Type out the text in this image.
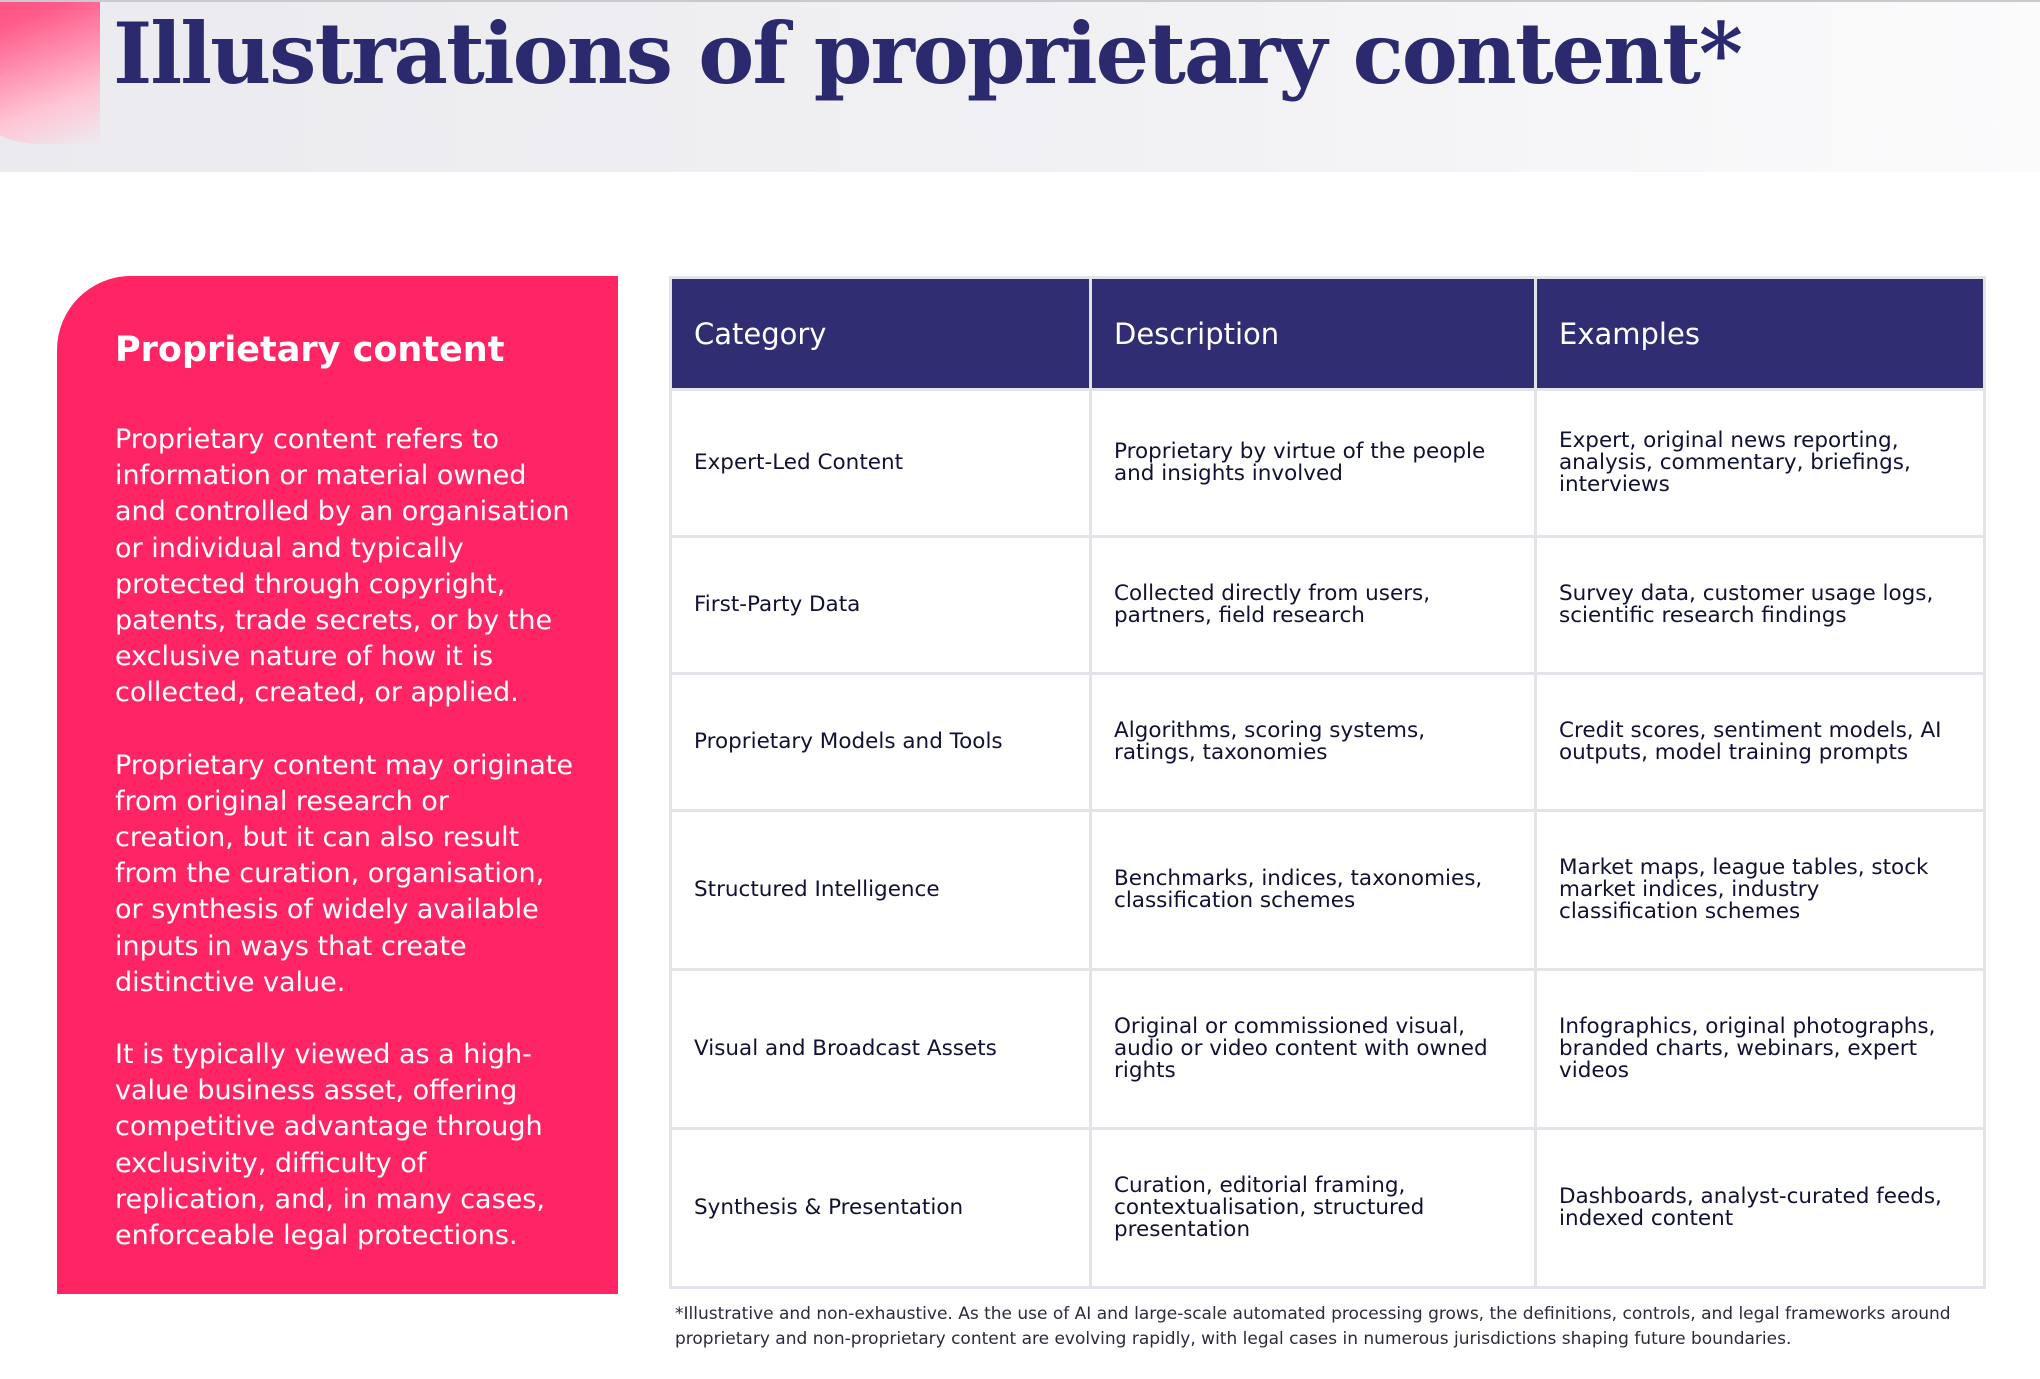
Illustrations of proprietary content*
Proprietary content

Proprietary content refers to information or material owned and controlled by an organisation or individual and typically protected through copyright, patents, trade secrets, or by the exclusive nature of how it is collected, created, or applied.

Proprietary content may originate from original research or creation, but it can also result from the curation, organisation, or synthesis of widely available inputs in ways that create distinctive value.

It is typically viewed as a high-value business asset, offering competitive advantage through exclusivity, difficulty of replication, and, in many cases, enforceable legal protections.

Category	Description	Examples
Expert-Led Content	Proprietary by virtue of the people and insights involved	Expert, original news reporting, analysis, commentary, briefings, interviews
First-Party Data	Collected directly from users, partners, field research	Survey data, customer usage logs, scientific research findings
Proprietary Models and Tools	Algorithms, scoring systems, ratings, taxonomies	Credit scores, sentiment models, AI outputs, model training prompts
Structured Intelligence	Benchmarks, indices, taxonomies, classification schemes	Market maps, league tables, stock market indices, industry classification schemes
Visual and Broadcast Assets	Original or commissioned visual, audio or video content with owned rights	Infographics, original photographs, branded charts, webinars, expert videos
Synthesis & Presentation	Curation, editorial framing, contextualisation, structured presentation	Dashboards, analyst-curated feeds, indexed content

*Illustrative and non-exhaustive. As the use of AI and large-scale automated processing grows, the definitions, controls, and legal frameworks around proprietary and non-proprietary content are evolving rapidly, with legal cases in numerous jurisdictions shaping future boundaries.
